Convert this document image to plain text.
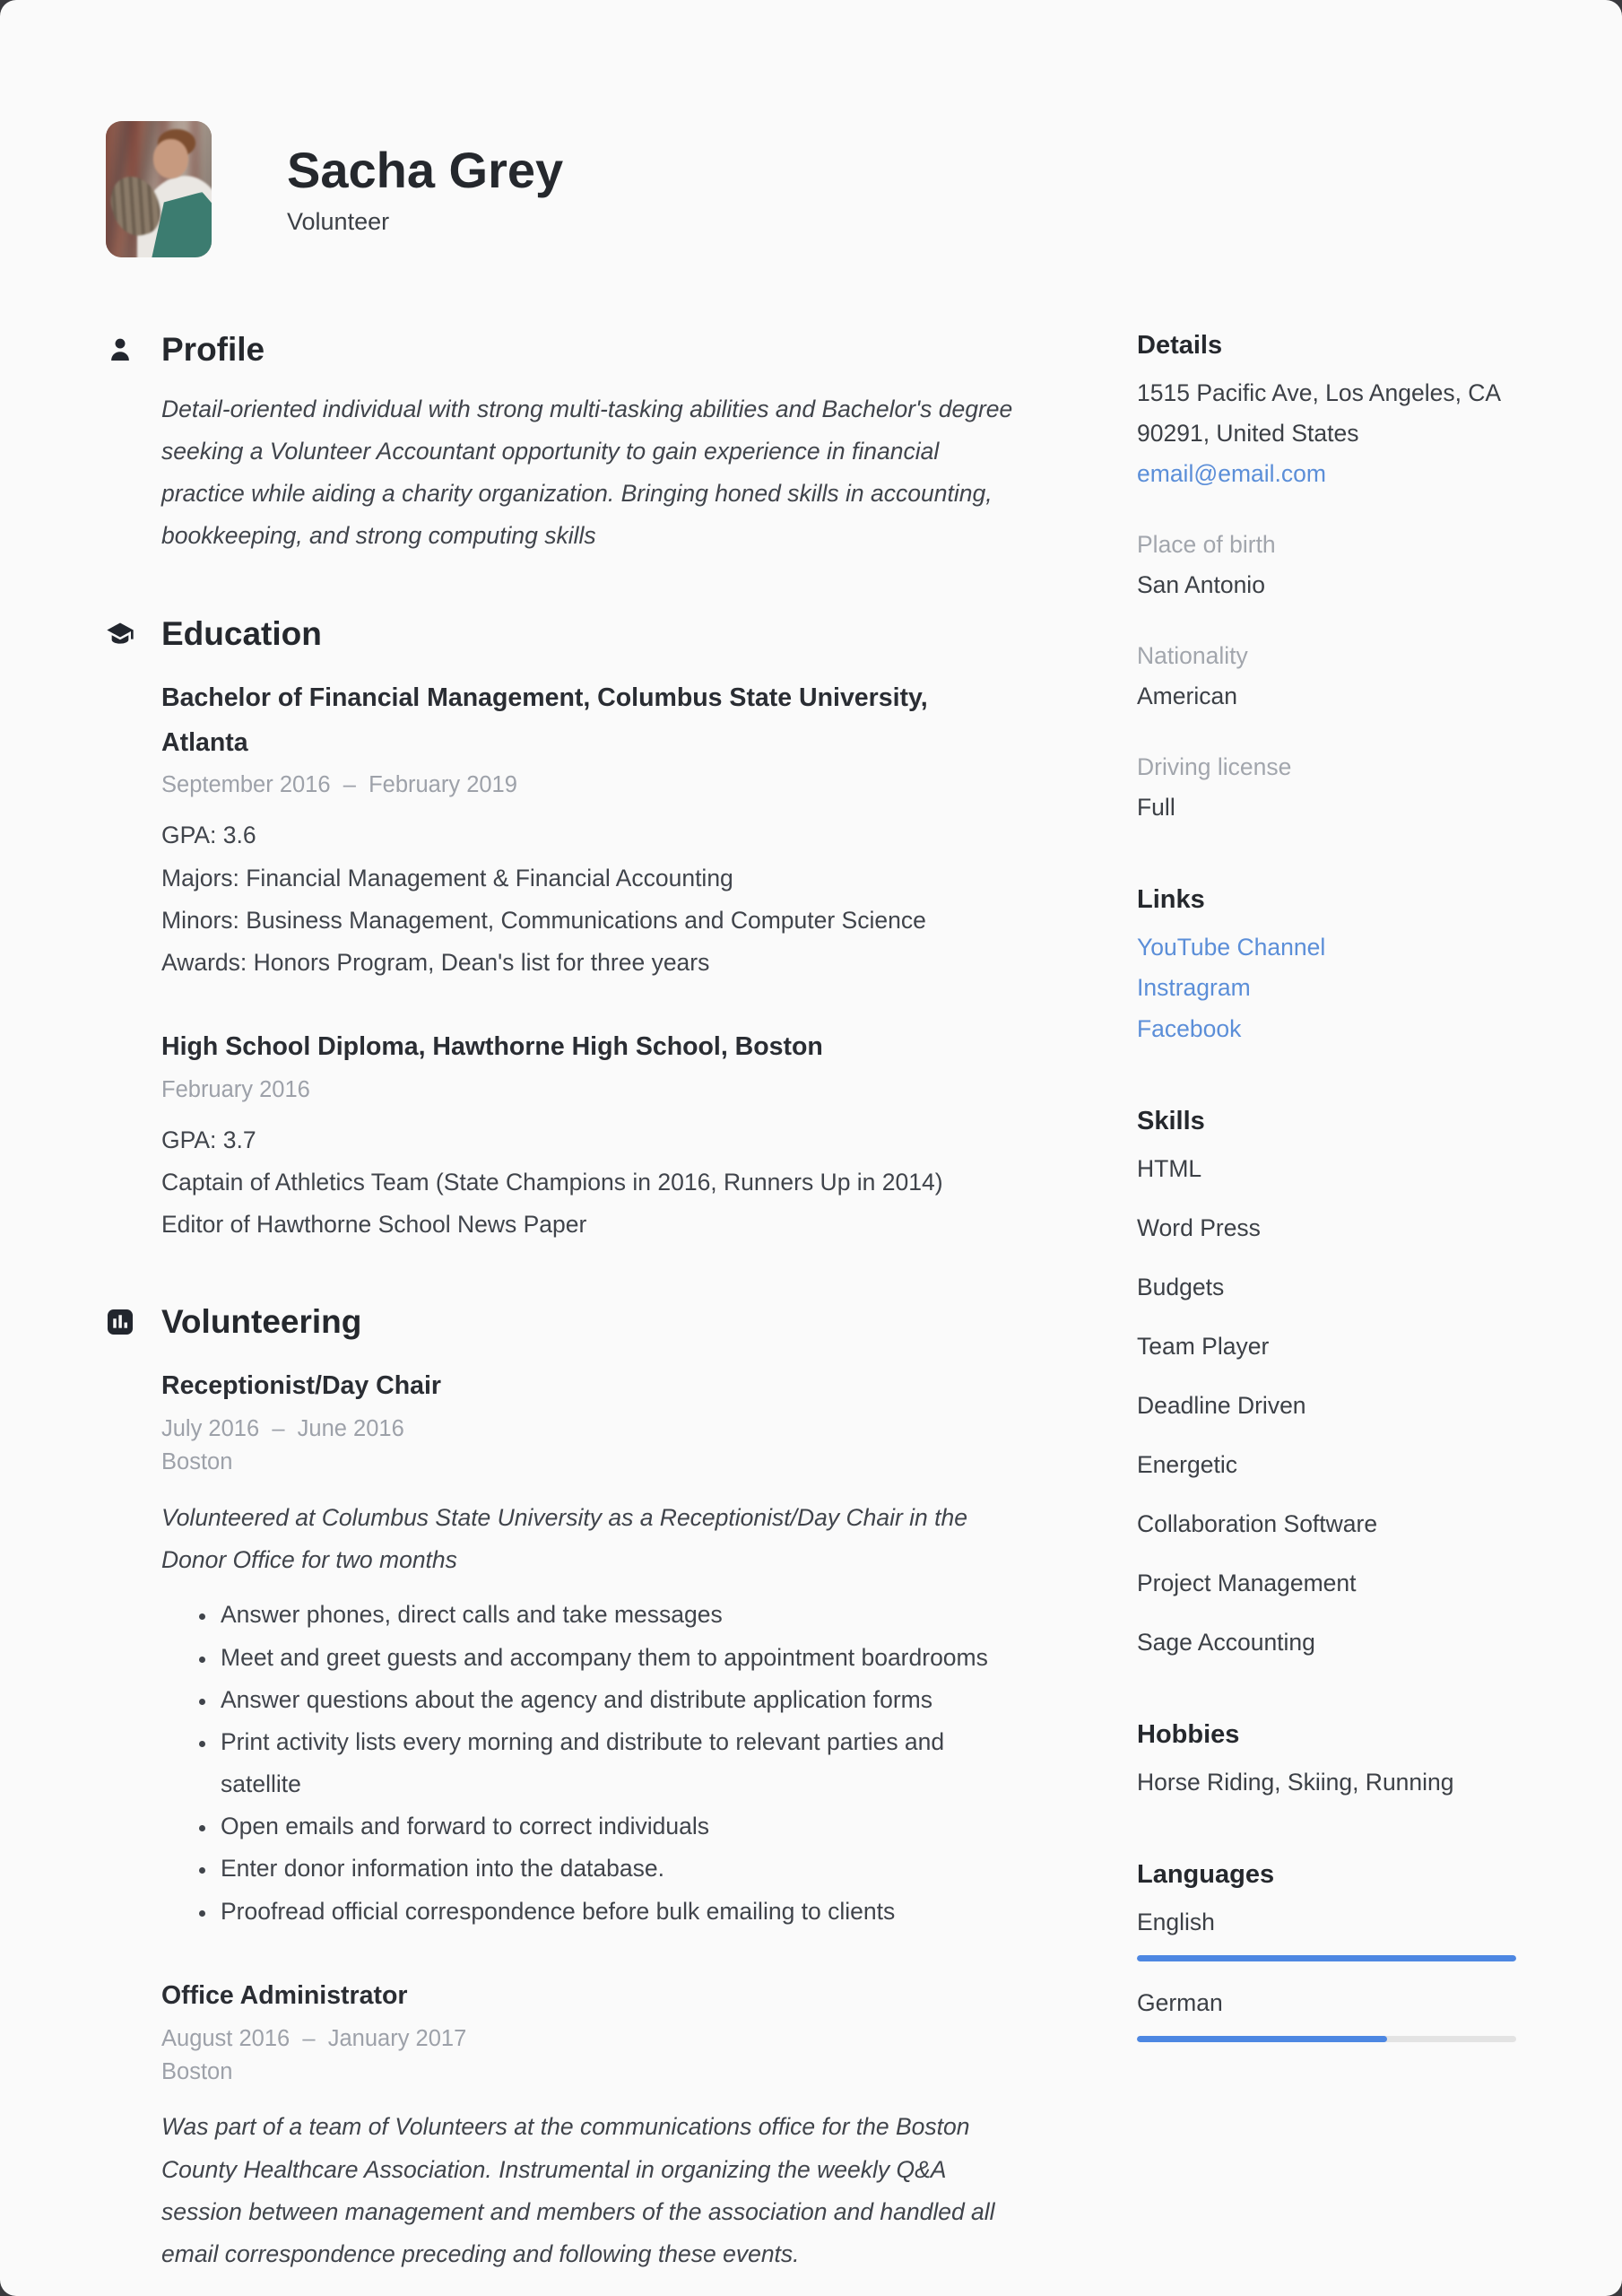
Sacha Grey
Volunteer
Profile

Detail-oriented individual with strong multi-tasking abilities and Bachelor's degree seeking a Volunteer Accountant opportunity to gain experience in financial practice while aiding a charity organization. Bringing honed skills in accounting, bookkeeping, and strong computing skills

Education
Bachelor of Financial Management, Columbus State University, Atlanta
September 2016  –  February 2019
GPA: 3.6
Majors: Financial Management & Financial Accounting
Minors: Business Management, Communications and Computer Science
Awards: Honors Program, Dean's list for three years
High School Diploma, Hawthorne High School, Boston
February 2016
GPA: 3.7
Captain of Athletics Team (State Champions in 2016, Runners Up in 2014)
Editor of Hawthorne School News Paper
Volunteering
Receptionist/Day Chair
July 2016  –  June 2016
Boston

Volunteered at Columbus State University as a Receptionist/Day Chair in the Donor Office for two months

• Answer phones, direct calls and take messages
• Meet and greet guests and accompany them to appointment boardrooms
• Answer questions about the agency and distribute application forms
• Print activity lists every morning and distribute to relevant parties and satellite
• Open emails and forward to correct individuals
• Enter donor information into the database.
• Proofread official correspondence before bulk emailing to clients
Office Administrator
August 2016  –  January 2017
Boston

Was part of a team of Volunteers at the communications office for the Boston County Healthcare Association. Instrumental in organizing the weekly Q&A session between management and members of the association and handled all email correspondence preceding and following these events.

Details
1515 Pacific Ave, Los Angeles, CA
90291, United States
email@email.com
Place of birth
San Antonio
Nationality
American
Driving license
Full
Links
YouTube Channel
Instragram
Facebook
Skills
HTML
Word Press
Budgets
Team Player
Deadline Driven
Energetic
Collaboration Software
Project Management
Sage Accounting
Hobbies
Horse Riding, Skiing, Running
Languages
English
German
